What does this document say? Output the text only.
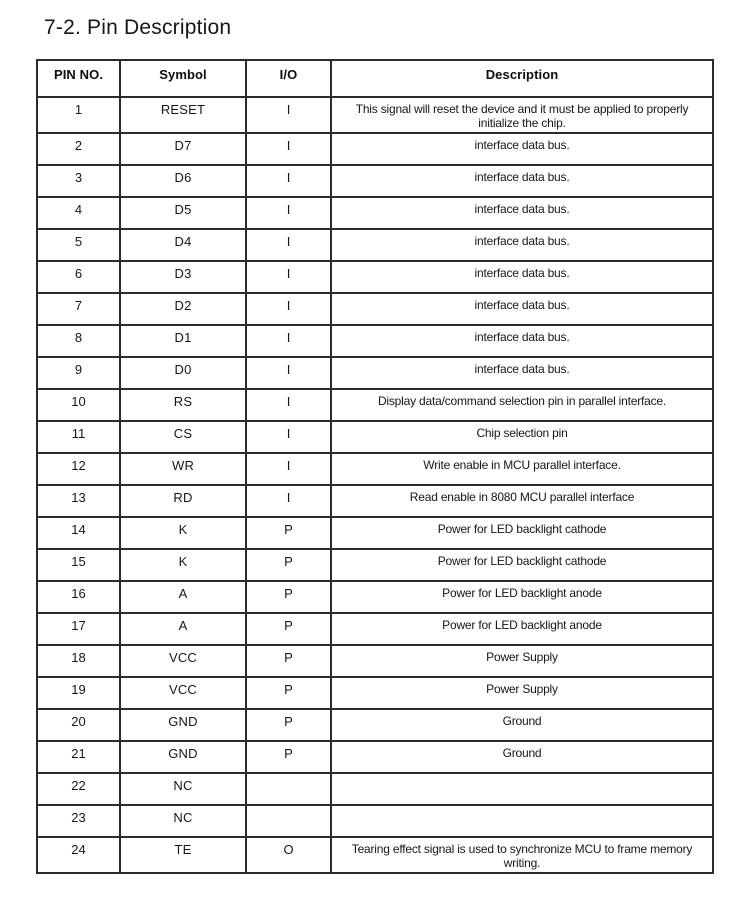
7-2. Pin Description
PIN NO.	Symbol	I/O	Description
1	RESET	I	This signal will reset the device and it must be applied to properly initialize the chip.
2	D7	I	interface data bus.
3	D6	I	interface data bus.
4	D5	I	interface data bus.
5	D4	I	interface data bus.
6	D3	I	interface data bus.
7	D2	I	interface data bus.
8	D1	I	interface data bus.
9	D0	I	interface data bus.
10	RS	I	Display data/command selection pin in parallel interface.
11	CS	I	Chip selection pin
12	WR	I	Write enable in MCU parallel interface.
13	RD	I	Read enable in 8080 MCU parallel interface
14	K	P	Power for LED backlight cathode
15	K	P	Power for LED backlight cathode
16	A	P	Power for LED backlight anode
17	A	P	Power for LED backlight anode
18	VCC	P	Power Supply
19	VCC	P	Power Supply
20	GND	P	Ground
21	GND	P	Ground
22	NC		
23	NC		
24	TE	O	Tearing effect signal is used to synchronize MCU to frame memory writing.
